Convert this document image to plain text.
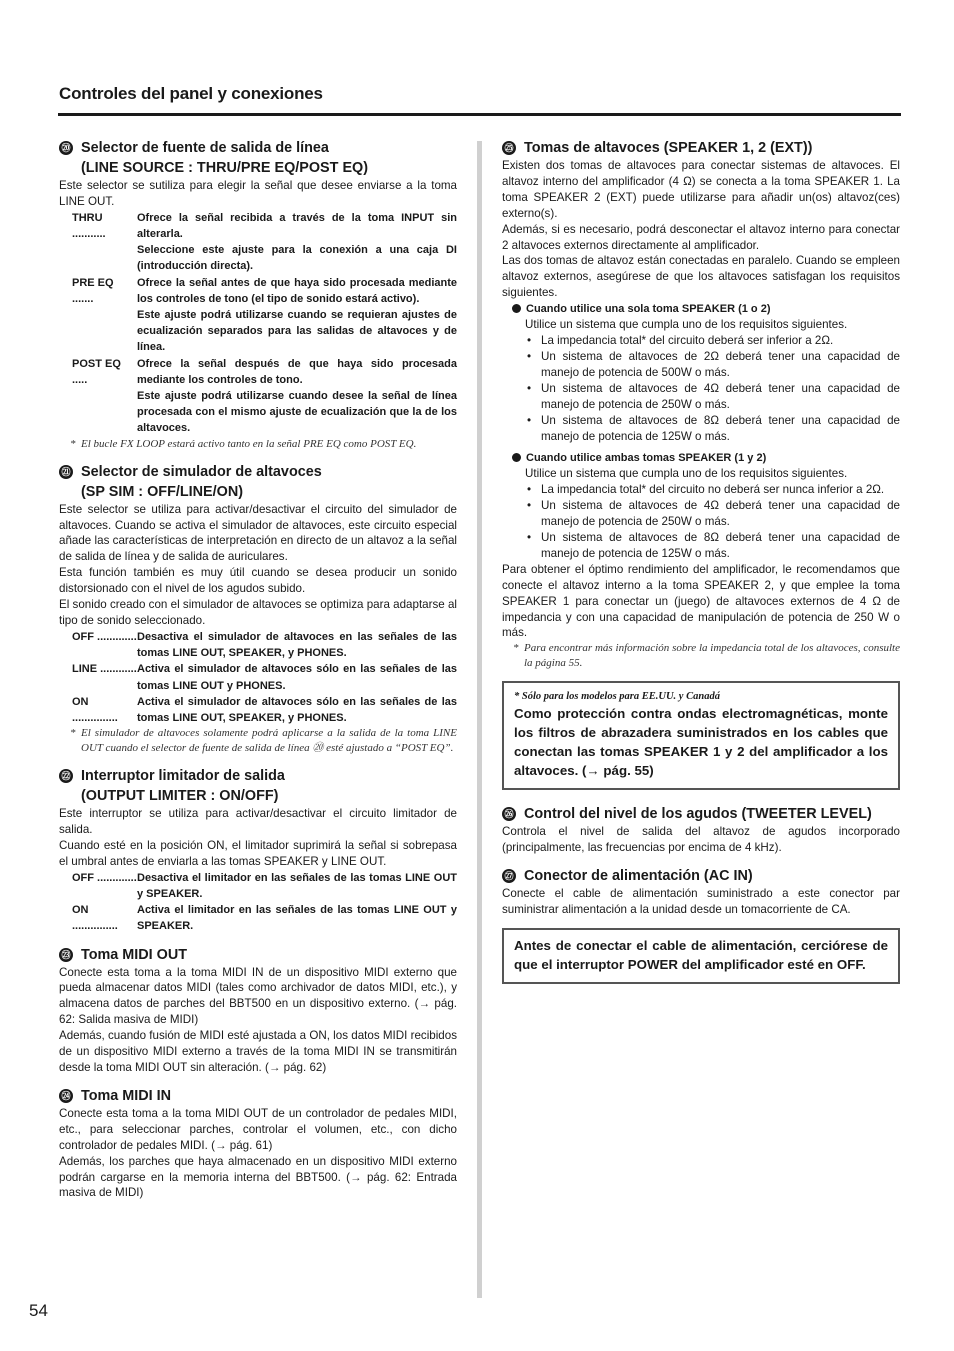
Controles del panel y conexiones
⑳ Selector de fuente de salida de línea
(LINE SOURCE : THRU/PRE EQ/POST EQ)
Este selector se sutiliza para elegir la señal que desee enviarse a la toma LINE OUT.
THRU ...........
Ofrece la señal recibida a través de la toma INPUT sin alterarla.
Seleccione este ajuste para la conexión a una caja DI (introducción directa).
PRE EQ .......
Ofrece la señal antes de que haya sido procesada mediante los controles de tono (el tipo de sonido estará activo).
Este ajuste podrá utilizarse cuando se requieran ajustes de ecualización separados para las salidas de altavoces y de línea.
POST EQ .....
Ofrece la señal después de que haya sido procesada mediante los controles de tono.
Este ajuste podrá utilizarse cuando desee la señal de línea procesada con el mismo ajuste de ecualización que la de los altavoces.
* El bucle FX LOOP estará activo tanto en la señal PRE EQ como POST EQ.
㉑ Selector de simulador de altavoces
(SP SIM : OFF/LINE/ON)
Este selector se utiliza para activar/desactivar el circuito del simulador de altavoces. Cuando se activa el simulador de altavoces, este circuito especial añade las características de interpretación en directo de un altavoz a la señal de salida de línea y de salida de auriculares.
Esta función también es muy útil cuando se desea producir un sonido distorsionado con el nivel de los agudos subido.
El sonido creado con el simulador de altavoces se optimiza para adaptarse al tipo de sonido seleccionado.
OFF ............. Desactiva el simulador de altavoces en las señales de las tomas LINE OUT, SPEAKER, y PHONES.
LINE ............ Activa el simulador de altavoces sólo en las señales de las tomas LINE OUT y PHONES.
ON ...............
Activa el simulador de altavoces sólo en las señales de las tomas LINE OUT, SPEAKER, y PHONES.
* El simulador de altavoces solamente podrá aplicarse a la salida de la toma LINE OUT cuando el selector de fuente de salida de línea ⑳ esté ajustado a “POST EQ”.
㉒ Interruptor limitador de salida
(OUTPUT LIMITER : ON/OFF)
Este interruptor se utiliza para activar/desactivar el circuito limitador de salida.
Cuando esté en la posición ON, el limitador suprimirá la señal si sobrepasa el umbral antes de enviarla a las tomas SPEAKER y LINE OUT.
OFF ............. Desactiva el limitador en las señales de las tomas LINE OUT y SPEAKER.
ON ...............
Activa el limitador en las señales de las tomas LINE OUT y SPEAKER.
㉓ Toma MIDI OUT
Conecte esta toma a la toma MIDI IN de un dispositivo MIDI externo que pueda almacenar datos MIDI (tales como archivador de datos MIDI, etc.), y almacena datos de parches del BBT500 en un dispositivo externo. (→ pág. 62: Salida masiva de MIDI)
Además, cuando fusión de MIDI esté ajustada a ON, los datos MIDI recibidos de un dispositivo MIDI externo a través de la toma MIDI IN se transmitirán desde la toma MIDI OUT sin alteración. (→ pág. 62)
㉔ Toma MIDI IN
Conecte esta toma a la toma MIDI OUT de un controlador de pedales MIDI, etc., para seleccionar parches, controlar el volumen, etc., con dicho controlador de pedales MIDI. (→ pág. 61)
Además, los parches que haya almacenado en un dispositivo MIDI externo podrán cargarse en la memoria interna del BBT500. (→ pág. 62: Entrada masiva de MIDI)
㉕ Tomas de altavoces (SPEAKER 1, 2 (EXT))
Existen dos tomas de altavoces para conectar sistemas de altavoces. El altavoz interno del amplificador (4 Ω) se conecta a la toma SPEAKER 1. La toma SPEAKER 2 (EXT) puede utilizarse para añadir un(os) altavoz(ces) externo(s).
Además, si es necesario, podrá desconectar el altavoz interno para conectar 2 altavoces externos directamente al amplificador.
Las dos tomas de altavoz están conectadas en paralelo. Cuando se empleen altavoz externos, asegúrese de que los altavoces satisfagan los requisitos siguientes.
Cuando utilice una sola toma SPEAKER (1 o 2)
Utilice un sistema que cumpla uno de los requisitos siguientes.
• La impedancia total* del circuito deberá ser inferior a 2Ω.
• Un sistema de altavoces de 2Ω deberá tener una capacidad de manejo de potencia de 500W o más.
• Un sistema de altavoces de 4Ω deberá tener una capacidad de manejo de potencia de 250W o más.
• Un sistema de altavoces de 8Ω deberá tener una capacidad de manejo de potencia de 125W o más.
Cuando utilice ambas tomas SPEAKER (1 y 2)
Utilice un sistema que cumpla uno de los requisitos siguientes.
• La impedancia total* del circuito no deberá ser nunca inferior a 2Ω.
• Un sistema de altavoces de 4Ω deberá tener una capacidad de manejo de potencia de 250W o más.
• Un sistema de altavoces de 8Ω deberá tener una capacidad de manejo de potencia de 125W o más.
Para obtener el óptimo rendimiento del amplificador, le recomendamos que conecte el altavoz interno a la toma SPEAKER 2, y que emplee la toma SPEAKER 1 para conectar un (juego) de altavoces externos de 4 Ω de impedancia y con una capacidad de manipulación de potencia de 250 W o más.
* Para encontrar más información sobre la impedancia total de los altavoces, consulte la página 55.
* Sólo para los modelos para EE.UU. y Canadá
Como protección contra ondas electromagnéticas, monte los filtros de abrazadera suministrados en los cables que conectan las tomas SPEAKER 1 y 2 del amplificador a los altavoces. (→ pág. 55)
㉖ Control del nivel de los agudos (TWEETER LEVEL)
Controla el nivel de salida del altavoz de agudos incorporado (principalmente, las frecuencias por encima de 4 kHz).
㉗ Conector de alimentación (AC IN)
Conecte el cable de alimentación suministrado a este conector par suministrar alimentación a la unidad desde un tomacorriente de CA.
Antes de conectar el cable de alimentación, cerciórese de que el interruptor POWER del amplificador esté en OFF.
54
